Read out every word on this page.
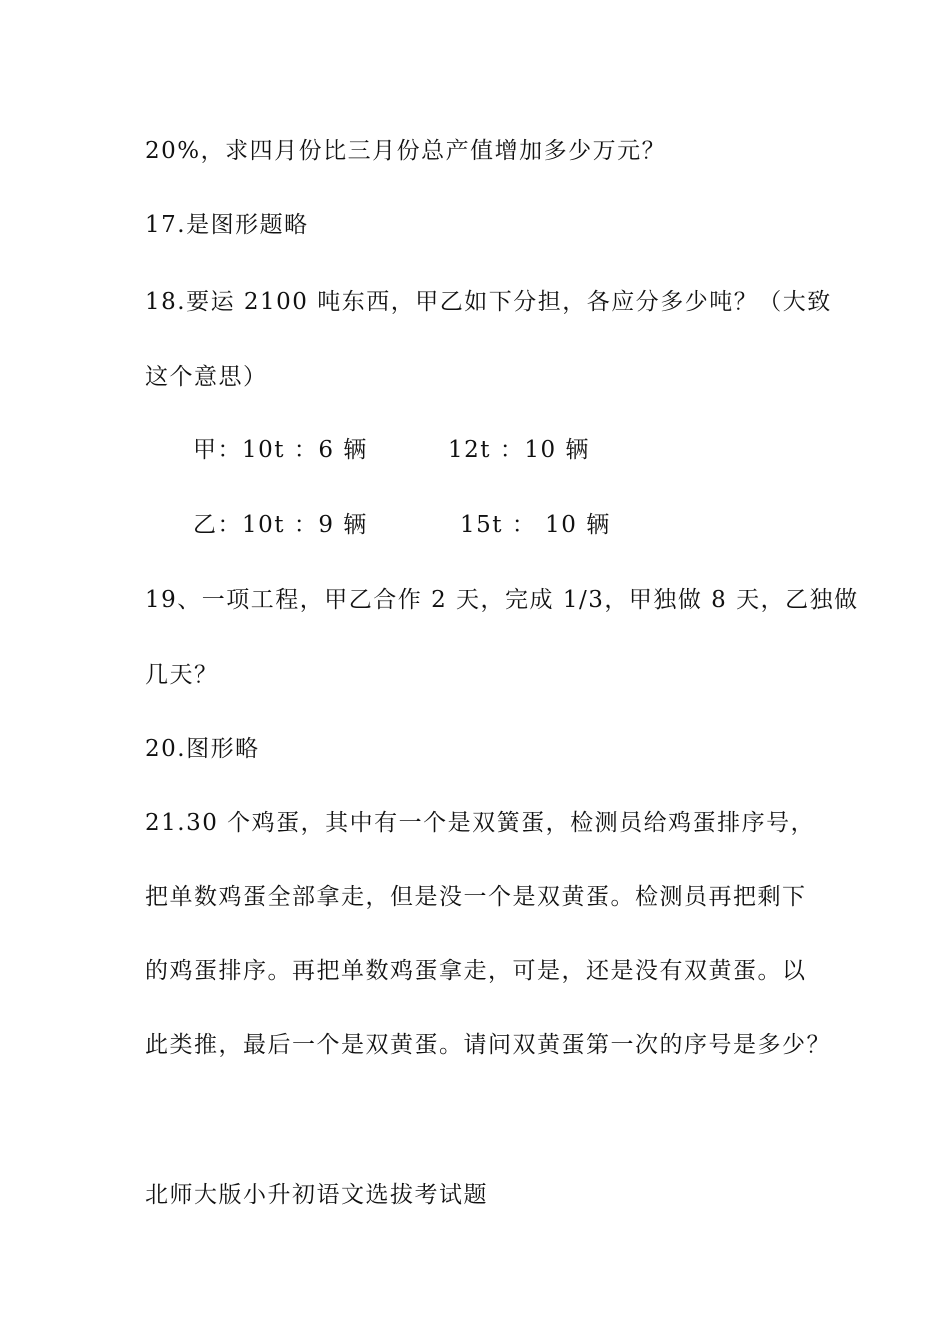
20%，求四月份比三月份总产值增加多少万元？
17.是图形题略
18.要运 2100 吨东西，甲乙如下分担，各应分多少吨？（大致
这个意思）
甲：10t ：6 辆	12t ：10 辆
乙：10t ：9 辆	15t ： 10 辆
19、一项工程，甲乙合作 2 天，完成 1/3，甲独做 8 天，乙独做
几天？
20.图形略
21.30 个鸡蛋，其中有一个是双簧蛋，检测员给鸡蛋排序号，
把单数鸡蛋全部拿走，但是没一个是双黄蛋。检测员再把剩下
的鸡蛋排序。再把单数鸡蛋拿走，可是，还是没有双黄蛋。以
此类推，最后一个是双黄蛋。请问双黄蛋第一次的序号是多少？
北师大版小升初语文选拔考试题
